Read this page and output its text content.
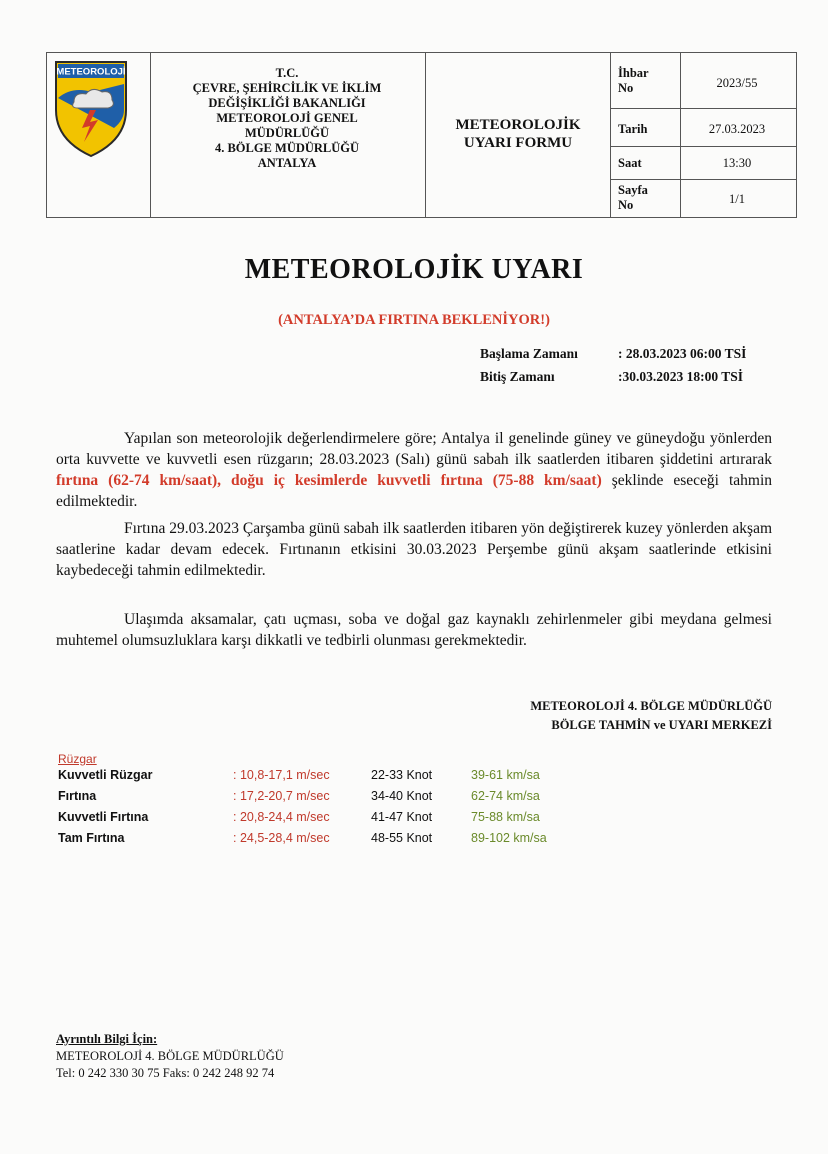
METEOROLOJİ	T.C.
ÇEVRE, ŞEHİRCİLİK VE İKLİM
DEĞİŞİKLİĞİ BAKANLIĞI
METEOROLOJİ GENEL
MÜDÜRLÜĞÜ
4. BÖLGE MÜDÜRLÜĞÜ
ANTALYA
METEOROLOJİK
UYARI FORMU
İhbar
No	2023/55
Tarih	27.03.2023
Saat	13:30
Sayfa
No	1/1
METEOROLOJİK UYARI
(ANTALYA’DA FIRTINA BEKLENİYOR!)
Başlama Zamanı	: 28.03.2023 06:00 TSİ
Bitiş Zamanı	:30.03.2023 18:00 TSİ

Yapılan son meteorolojik değerlendirmelere göre; Antalya il genelinde güney ve güneydoğu yönlerden orta kuvvette ve kuvvetli esen rüzgarın; 28.03.2023 (Salı) günü sabah ilk saatlerden itibaren şiddetini artırarak fırtına (62-74 km/saat), doğu iç kesimlerde kuvvetli fırtına (75-88 km/saat) şeklinde eseceği tahmin edilmektedir.

Fırtına 29.03.2023 Çarşamba günü sabah ilk saatlerden itibaren yön değiştirerek kuzey yönlerden akşam saatlerine kadar devam edecek. Fırtınanın etkisini 30.03.2023 Perşembe günü akşam saatlerinde etkisini kaybedeceği tahmin edilmektedir.

Ulaşımda aksamalar, çatı uçması, soba ve doğal gaz kaynaklı zehirlenmeler gibi meydana gelmesi muhtemel olumsuzluklara karşı dikkatli ve tedbirli olunması gerekmektedir.

METEOROLOJİ 4. BÖLGE MÜDÜRLÜĞÜ
BÖLGE TAHMİN ve UYARI MERKEZİ
Rüzgar
Kuvvetli Rüzgar	: 10,8-17,1 m/sec	22-33 Knot	39-61 km/sa
Fırtına	: 17,2-20,7 m/sec	34-40 Knot	62-74 km/sa
Kuvvetli Fırtına	: 20,8-24,4 m/sec	41-47 Knot	75-88 km/sa
Tam Fırtına	: 24,5-28,4 m/sec	48-55 Knot	89-102 km/sa
Ayrıntılı Bilgi İçin:
METEOROLOJİ 4. BÖLGE MÜDÜRLÜĞÜ
Tel: 0 242 330 30 75 Faks: 0 242 248 92 74
